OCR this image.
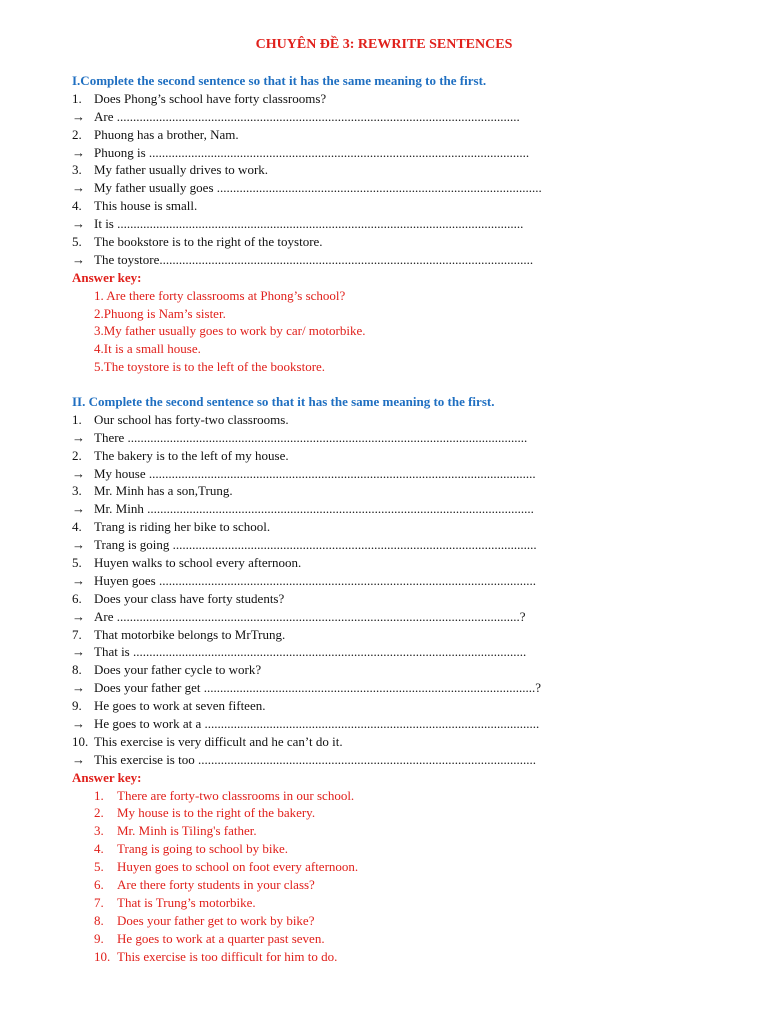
CHUYÊN ĐỀ 3: REWRITE SENTENCES
I.Complete the second sentence so that it has the same meaning to the first.
1. Does Phong’s school have forty classrooms?
→ Are ............................................................................................................................
2. Phuong has a brother, Nam.
→ Phuong is .....................................................................................................................
3. My father usually drives to work.
→ My father usually goes ....................................................................................................
4. This house is small.
→ It is .............................................................................................................................
5. The bookstore is to the right of the toystore.
→ The toystore...................................................................................................................
Answer key:
1. Are there forty classrooms at Phong’s school?
2.Phuong is Nam’s sister.
3.My father usually goes to work by car/ motorbike.
4.It is a small house.
5.The toystore is to the left of the bookstore.
II. Complete the second sentence so that it has the same meaning to the first.
1. Our school has forty-two classrooms.
→ There ...........................................................................................................................
2. The bakery is to the left of my house.
→ My house .......................................................................................................................
3. Mr. Minh has a son,Trung.
→ Mr. Minh .......................................................................................................................
4. Trang is riding her bike to school.
→ Trang is going ................................................................................................................
5. Huyen walks to school every afternoon.
→ Huyen goes ....................................................................................................................
6. Does your class have forty students?
→ Are ............................................................................................................................?
7. That motorbike belongs to MrTrung.
→ That is .........................................................................................................................
8. Does your father cycle to work?
→ Does your father get ......................................................................................................?
9. He goes to work at seven fifteen.
→ He goes to work at a .......................................................................................................
10. This exercise is very difficult and he can’t do it.
→ This exercise is too ........................................................................................................
Answer key:
1. There are forty-two classrooms in our school.
2. My house is to the right of the bakery.
3. Mr. Minh is Tiling's father.
4. Trang is going to school by bike.
5. Huyen goes to school on foot every afternoon.
6. Are there forty students in your class?
7. That is Trung’s motorbike.
8. Does your father get to work by bike?
9. He goes to work at a quarter past seven.
10. This exercise is too difficult for him to do.
